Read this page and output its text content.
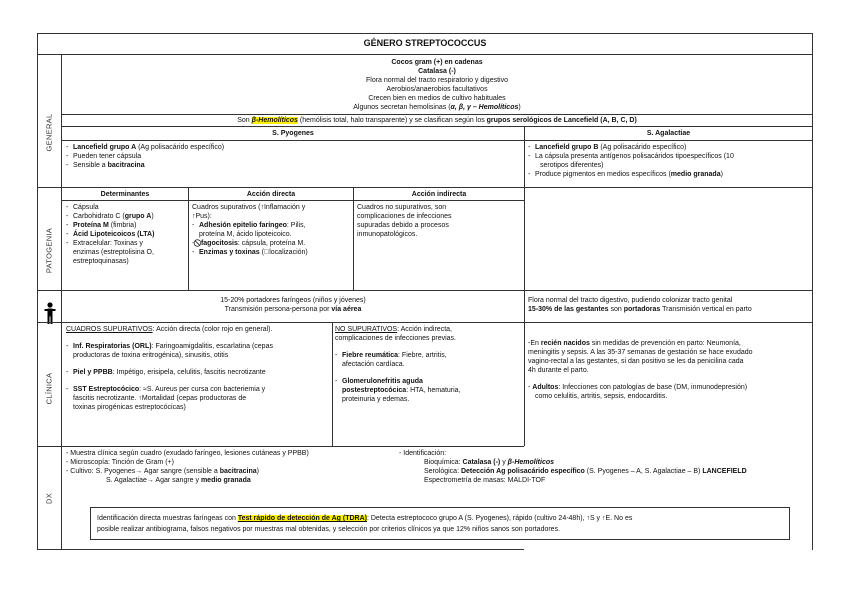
GÉNERO STREPTOCOCCUS
GENERAL
PATOGENIA
CLÍNICA
DX
Cocos gram (+) en cadenas
Catalasa (-)
Flora normal del tracto respiratorio y digestivo
Aerobios/anaerobios facultativos
Crecen bien en medios de cultivo habituales
Algunos secretan hemolisinas (α, β, γ – Hemolíticos)
Son β-Hemolíticos (hemólisis total, halo transparente) y se clasifican según los grupos serológicos de Lancefield (A, B, C, D)
S. Pyogenes	S. Agalactiae
- Lancefield grupo A (Ag polisacárido específico)
- Pueden tener cápsula
- Sensible a bacitracina
- Lancefield grupo B (Ag polisacárido específico)
- La cápsula presenta antígenos polisacáridos tipoespecíficos (10
serotipos diferentes)
- Produce pigmentos en medios específicos (medio granada)
Determinantes	Acción directa	Acción indirecta
- Cápsula
- Carbohidrato C (grupo A)
- Proteína M (fimbria)
- Ácid Lipoteicoicos (LTA)
- Extracelular: Toxinas y
enzimas (estreptolisina O,
estreptoquinasas)
Cuadros supurativos (↑Inflamación y
↑Pus):
- Adhesión epitelio faríngeo: Pilis,
proteína M, ácido lipoteicoico.
- ⃠ fagocitosis: cápsula, proteína M.
- Enzimas y toxinas (⃠localización)
Cuadros no supurativos, son
complicaciones de infecciones
supuradas debido a procesos
inmunopatológicos.
15-20% portadores faríngeos (niños y jóvenes)
Transmisión persona-persona por vía aérea
Flora normal del tracto digestivo, pudiendo colonizar tracto genital
15-30% de las gestantes son portadoras Transmisión vertical en parto
CUADROS SUPURATIVOS: Acción directa (color rojo en general).
- Inf. Respiratorias (ORL): Faringoamigdalitis, escarlatina (cepas
productoras de toxina eritrogénica), sinusitis, otitis
- Piel y PPBB: Impétigo, erisipela, celulitis, fascitis necrotizante
- SST Estreptocócico: ≈S. Aureus per cursa con bacteriemia y
fascitis necrotizante. ↑Mortalidad (cepas productoras de
toxinas pirogénicas estreptocócicas)
NO SUPURATIVOS: Acción indirecta,
complicaciones de infecciones previas.
- Fiebre reumática: Fiebre, artritis,
afectación cardíaca.
- Glomerulonefritis aguda
postestreptocócica: HTA, hematuria,
proteinuria y edemas.
-En recién nacidos sin medidas de prevención en parto: Neumonía,
meningitis y sepsis. A las 35-37 semanas de gestación se hace exudado
vagino-rectal a las gestantes, si dan positivo se les da penicilina cada
4h durante el parto.
- Adultos: Infecciones con patologías de base (DM, inmunodepresión)
como celulitis, artritis, sepsis, endocarditis.
- Muestra clínica según cuadro (exudado faríngeo, lesiones cutáneas y PPBB)
- Microscopía: Tinción de Gram (+)
- Cultivo: S. Pyogenes→ Agar sangre (sensible a bacitracina)
S. Agalactiae→ Agar sangre y medio granada
- Identificación:
Bioquímica: Catalasa (-) y β-Hemolíticos
Serológica: Detección Ag polisacárido específico (S. Pyogenes – A, S. Agalactiae – B) LANCEFIELD
Espectrometría de masas: MALDI-TOF
Identificación directa muestras faríngeas con Test rápido de detección de Ag (TDRA): Detecta estreptococo grupo A (S. Pyogenes), rápido (cultivo 24-48h), ↑S y ↑E. No es
posible realizar antibiograma, falsos negativos por muestras mal obtenidas, y selección por criterios clínicos ya que 12% niños sanos son portadores.
